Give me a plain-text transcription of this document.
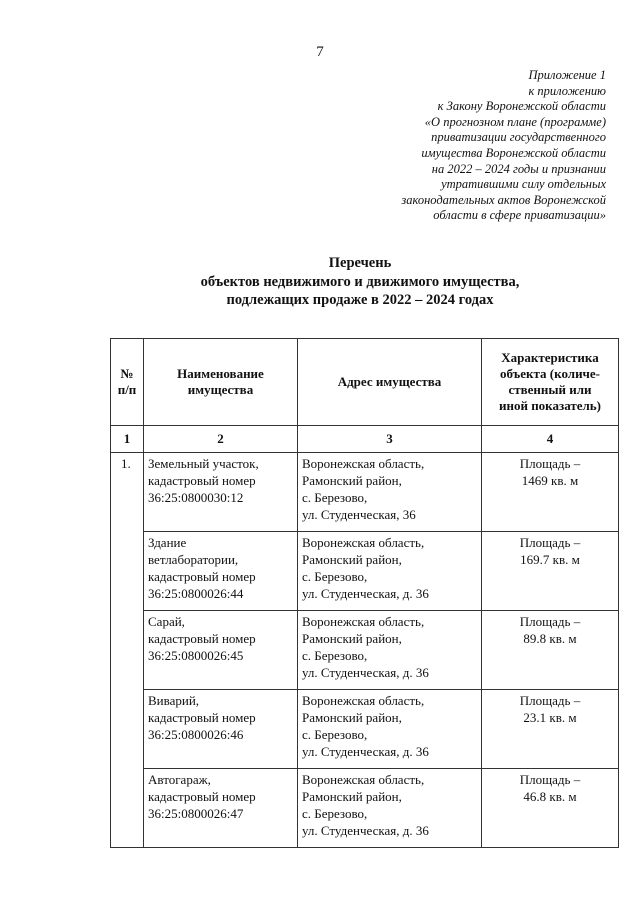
7
Приложение 1
к приложению
к Закону Воронежской области
«О прогнозном плане (программе)
приватизации государственного
имущества Воронежской области
на 2022 – 2024 годы и признании
утратившими силу отдельных
законодательных актов Воронежской
области в сфере приватизации»
Перечень
объектов недвижимого и движимого имущества,
подлежащих продаже в 2022 – 2024 годах
№
п/п	Наименование
имущества	Адрес имущества	Характеристика
объекта (количе-
ственный или
иной показатель)

1	2	3	4
1.	Земельный участок,
кадастровый номер
36:25:0800030:12	Воронежская область,
Рамонский район,
с. Березово,
ул. Студенческая, 36	Площадь –
1469 кв. м

	Здание
ветлаборатории,
кадастровый номер
36:25:0800026:44	Воронежская область,
Рамонский район,
с. Березово,
ул. Студенческая, д. 36	Площадь –
169.7 кв. м

	Сарай,
кадастровый номер
36:25:0800026:45	Воронежская область,
Рамонский район,
с. Березово,
ул. Студенческая, д. 36	Площадь –
89.8 кв. м

	Виварий,
кадастровый номер
36:25:0800026:46	Воронежская область,
Рамонский район,
с. Березово,
ул. Студенческая, д. 36	Площадь –
23.1 кв. м

	Автогараж,
кадастровый номер
36:25:0800026:47	Воронежская область,
Рамонский район,
с. Березово,
ул. Студенческая, д. 36	Площадь –
46.8 кв. м
